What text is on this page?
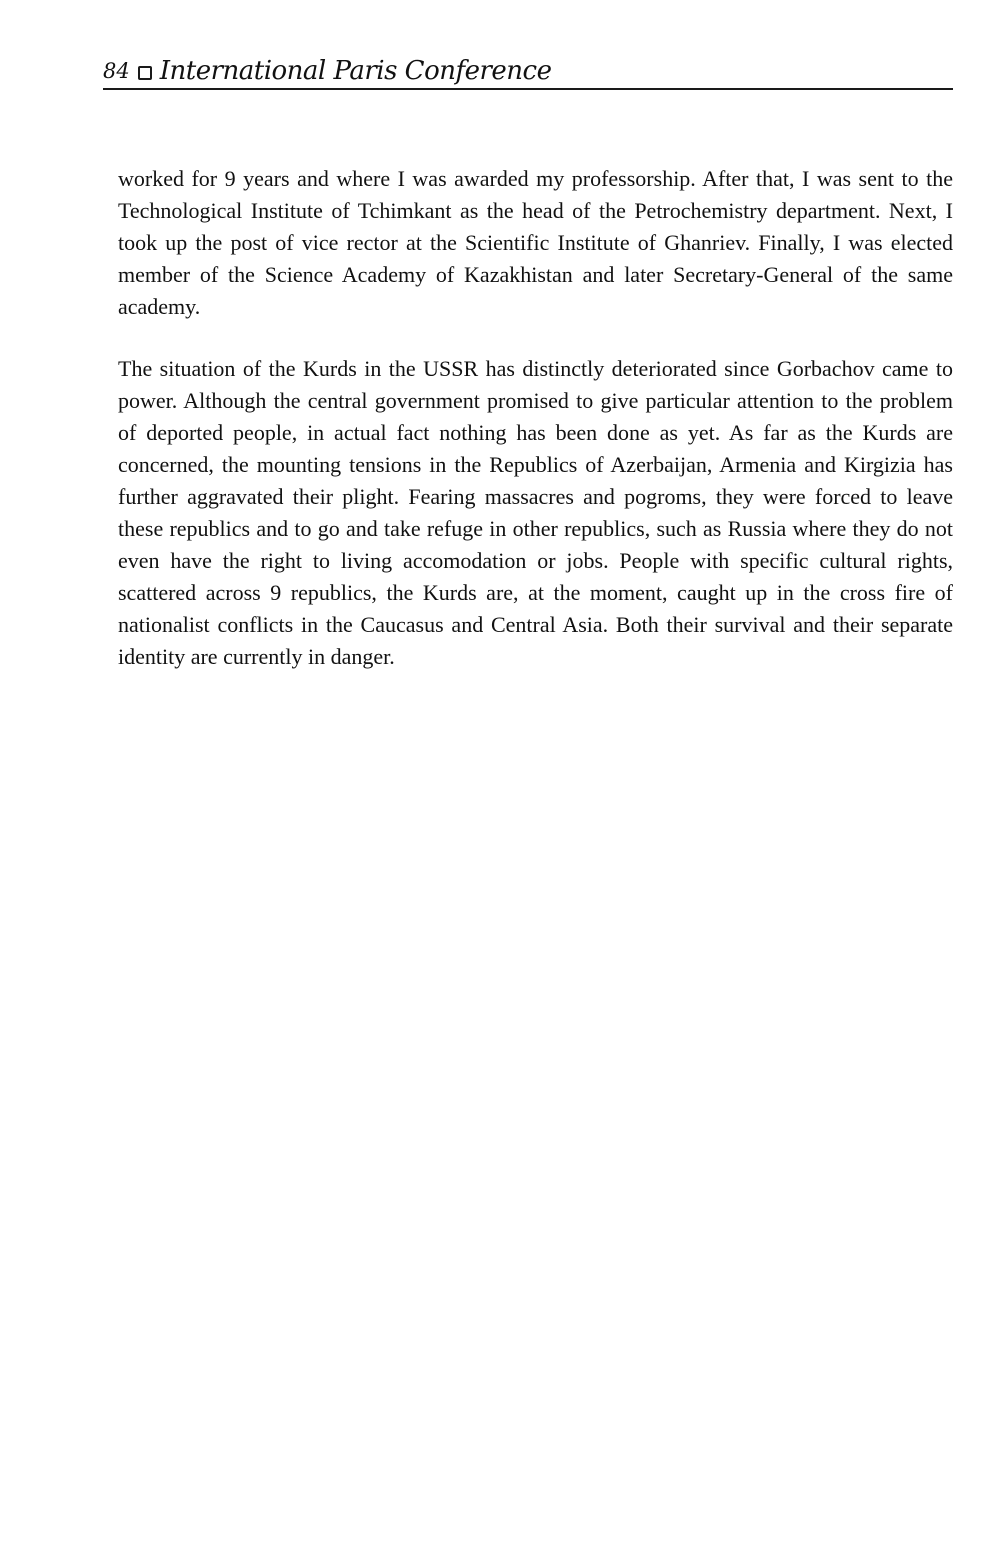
84 International Paris Conference

worked for 9 years and where I was awarded my professorship. After that, I was sent to the Technological Institute of Tchimkant as the head of the Petrochemistry department. Next, I took up the post of vice rector at the Scientific Institute of Ghanriev. Finally, I was elected member of the Science Academy of Kazakhistan and later Secretary-General of the same academy.

The situation of the Kurds in the USSR has distinctly deteriorated since Gorbachov came to power. Although the central government promised to give particular attention to the problem of deported people, in actual fact nothing has been done as yet. As far as the Kurds are concerned, the mounting tensions in the Republics of Azerbaijan, Armenia and Kirgizia has further aggravated their plight. Fearing massacres and pogroms, they were forced to leave these republics and to go and take refuge in other republics, such as Russia where they do not even have the right to living accomodation or jobs. People with specific cultural rights, scattered across 9 republics, the Kurds are, at the moment, caught up in the cross fire of nationalist conflicts in the Caucasus and Central Asia. Both their survival and their separate identity are currently in danger.
